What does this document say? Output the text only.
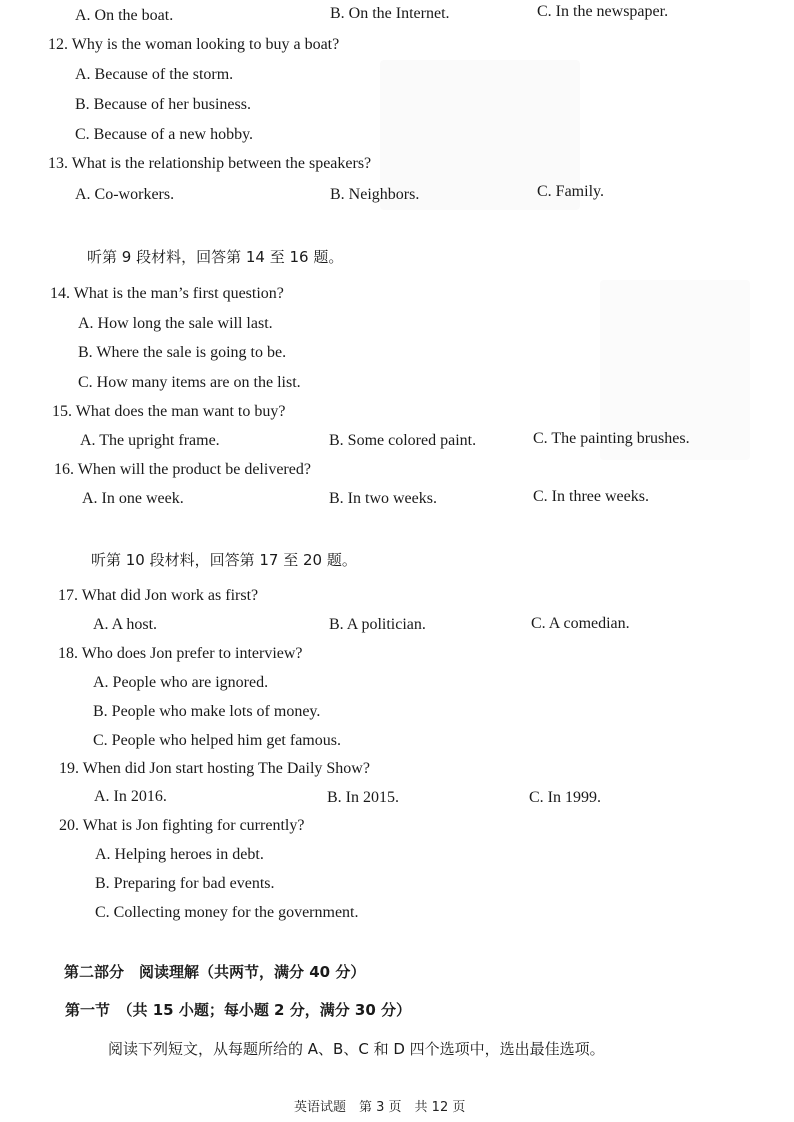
A. On the boat.	B. On the Internet.	C. In the newspaper.
12. Why is the woman looking to buy a boat?
A. Because of the storm.
B. Because of her business.
C. Because of a new hobby.
13. What is the relationship between the speakers?
A. Co-workers.	B. Neighbors.	C. Family.
听第 9 段材料，回答第 14 至 16 题。
14. What is the man’s first question?
A. How long the sale will last.
B. Where the sale is going to be.
C. How many items are on the list.
15. What does the man want to buy?
A. The upright frame.	B. Some colored paint.	C. The painting brushes.
16. When will the product be delivered?
A. In one week.	B. In two weeks.	C. In three weeks.
听第 10 段材料，回答第 17 至 20 题。
17. What did Jon work as first?
A. A host.	B. A politician.	C. A comedian.
18. Who does Jon prefer to interview?
A. People who are ignored.
B. People who make lots of money.
C. People who helped him get famous.
19. When did Jon start hosting The Daily Show?
A. In 2016.	B. In 2015.	C. In 1999.
20. What is Jon fighting for currently?
A. Helping heroes in debt.
B. Preparing for bad events.
C. Collecting money for the government.
第二部分　阅读理解（共两节，满分 40 分）
第一节　（共 15 小题；每小题 2 分，满分 30 分）
阅读下列短文，从每题所给的 A、B、C 和 D 四个选项中，选出最佳选项。
英语试题　第 3 页　共 12 页
